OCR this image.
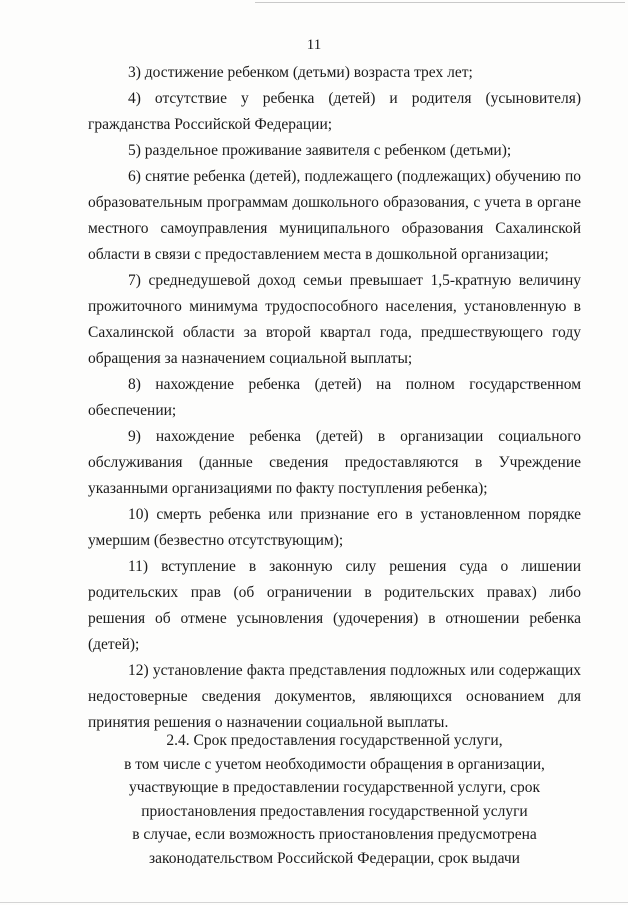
11

3) достижение ребенком (детьми) возраста трех лет;

4) отсутствие у ребенка (детей) и родителя (усыновителя) гражданства Российской Федерации;

5) раздельное проживание заявителя с ребенком (детьми);

6) снятие ребенка (детей), подлежащего (подлежащих) обучению по образовательным программам дошкольного образования, с учета в органе местного самоуправления муниципального образования Сахалинской области в связи с предоставлением места в дошкольной организации;

7) среднедушевой доход семьи превышает 1,5-кратную величину прожиточного минимума трудоспособного населения, установленную в Сахалинской области за второй квартал года, предшествующего году обращения за назначением социальной выплаты;

8) нахождение ребенка (детей) на полном государственном обеспечении;

9) нахождение ребенка (детей) в организации социального обслуживания (данные сведения предоставляются в Учреждение указанными организациями по факту поступления ребенка);

10) смерть ребенка или признание его в установленном порядке умершим (безвестно отсутствующим);

11) вступление в законную силу решения суда о лишении родительских прав (об ограничении в родительских правах) либо решения об отмене усыновления (удочерения) в отношении ребенка (детей);

12) установление факта представления подложных или содержащих недостоверные сведения документов, являющихся основанием для принятия решения о назначении социальной выплаты.

2.4. Срок предоставления государственной услуги,
в том числе с учетом необходимости обращения в организации,
участвующие в предоставлении государственной услуги, срок
приостановления предоставления государственной услуги
в случае, если возможность приостановления предусмотрена
законодательством Российской Федерации, срок выдачи
